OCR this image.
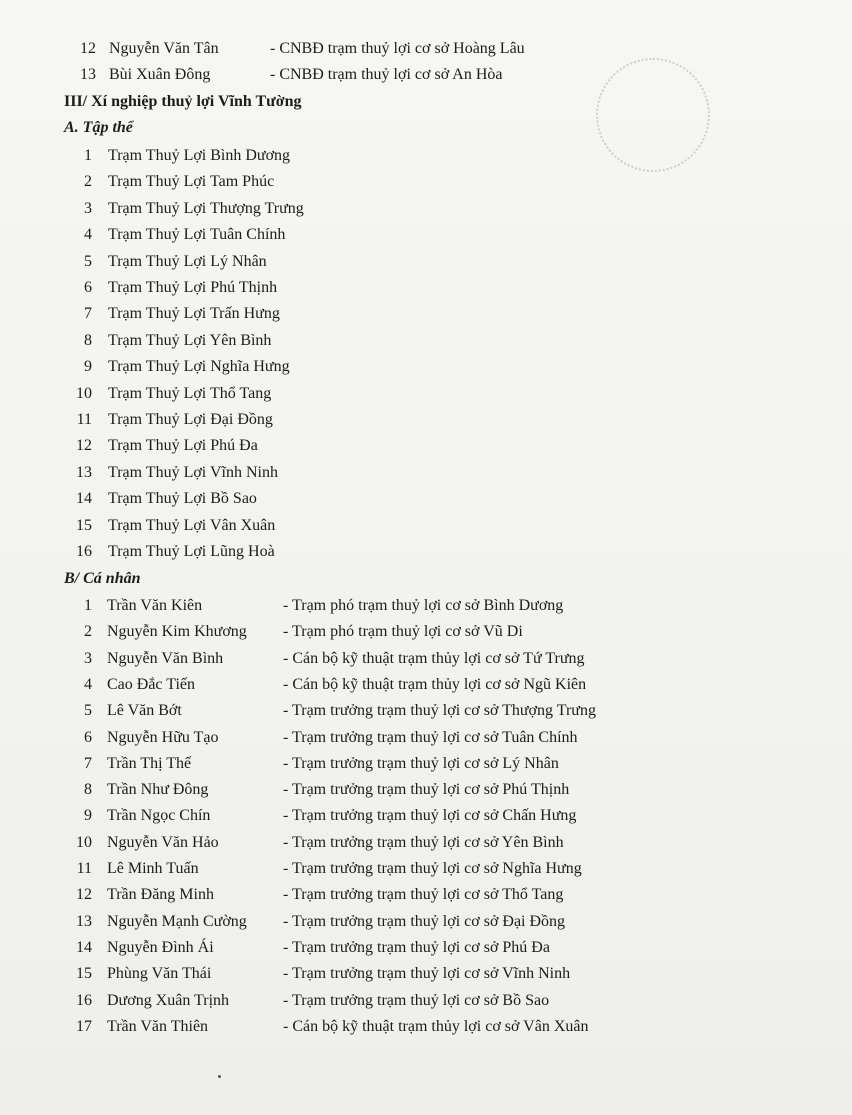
12 Nguyễn Văn Tân	- CNBĐ trạm thuỷ lợi cơ sở Hoàng Lâu
13 Bùi Xuân Đông	- CNBĐ trạm thuỷ lợi cơ sở An Hòa
III/ Xí nghiệp thuỷ lợi Vĩnh Tường
A. Tập thể
1 Trạm Thuỷ Lợi Bình Dương
2 Trạm Thuỷ Lợi Tam Phúc
3 Trạm Thuỷ Lợi Thượng Trưng
4 Trạm Thuỷ Lợi Tuân Chính
5 Trạm Thuỷ Lợi Lý Nhân
6 Trạm Thuỷ Lợi Phú Thịnh
7 Trạm Thuỷ Lợi Trấn Hưng
8 Trạm Thuỷ Lợi Yên Bình
9 Trạm Thuỷ Lợi Nghĩa Hưng
10 Trạm Thuỷ Lợi Thổ Tang
11 Trạm Thuỷ Lợi Đại Đồng
12 Trạm Thuỷ Lợi Phú Đa
13 Trạm Thuỷ Lợi Vĩnh Ninh
14 Trạm Thuỷ Lợi Bồ Sao
15 Trạm Thuỷ Lợi Vân Xuân
16 Trạm Thuỷ Lợi Lũng Hoà
B/ Cá nhân
1 Trần Văn Kiên	- Trạm phó trạm thuỷ lợi cơ sở Bình Dương
2 Nguyễn Kim Khương - Trạm phó trạm thuỷ lợi cơ sở Vũ Di
3 Nguyễn Văn Bình	- Cán bộ kỹ thuật trạm thủy lợi cơ sở Tứ Trưng
4 Cao Đắc Tiến	- Cán bộ kỹ thuật trạm thủy lợi cơ sở Ngũ Kiên
5 Lê Văn Bớt	- Trạm trưởng trạm thuỷ lợi cơ sở Thượng Trưng
6 Nguyễn Hữu Tạo	- Trạm trưởng trạm thuỷ lợi cơ sở Tuân Chính
7 Trần Thị Thế	- Trạm trưởng trạm thuỷ lợi cơ sở Lý Nhân
8 Trần Như Đông	- Trạm trưởng trạm thuỷ lợi cơ sở Phú Thịnh
9 Trần Ngọc Chín	- Trạm trưởng trạm thuỷ lợi cơ sở Chấn Hưng
10 Nguyễn Văn Hảo	- Trạm trưởng trạm thuỷ lợi cơ sở Yên Bình
11 Lê Minh Tuấn	- Trạm trưởng trạm thuỷ lợi cơ sở Nghĩa Hưng
12 Trần Đăng Minh	- Trạm trưởng trạm thuỷ lợi cơ sở Thổ Tang
13 Nguyễn Mạnh Cường - Trạm trưởng trạm thuỷ lợi cơ sở Đại Đồng
14 Nguyễn Đình Ái	- Trạm trưởng trạm thuỷ lợi cơ sở Phú Đa
15 Phùng Văn Thái	- Trạm trưởng trạm thuỷ lợi cơ sở Vĩnh Ninh
16 Dương Xuân Trịnh	- Trạm trưởng trạm thuỷ lợi cơ sở Bồ Sao
17 Trần Văn Thiên	- Cán bộ kỹ thuật trạm thủy lợi cơ sở Vân Xuân
